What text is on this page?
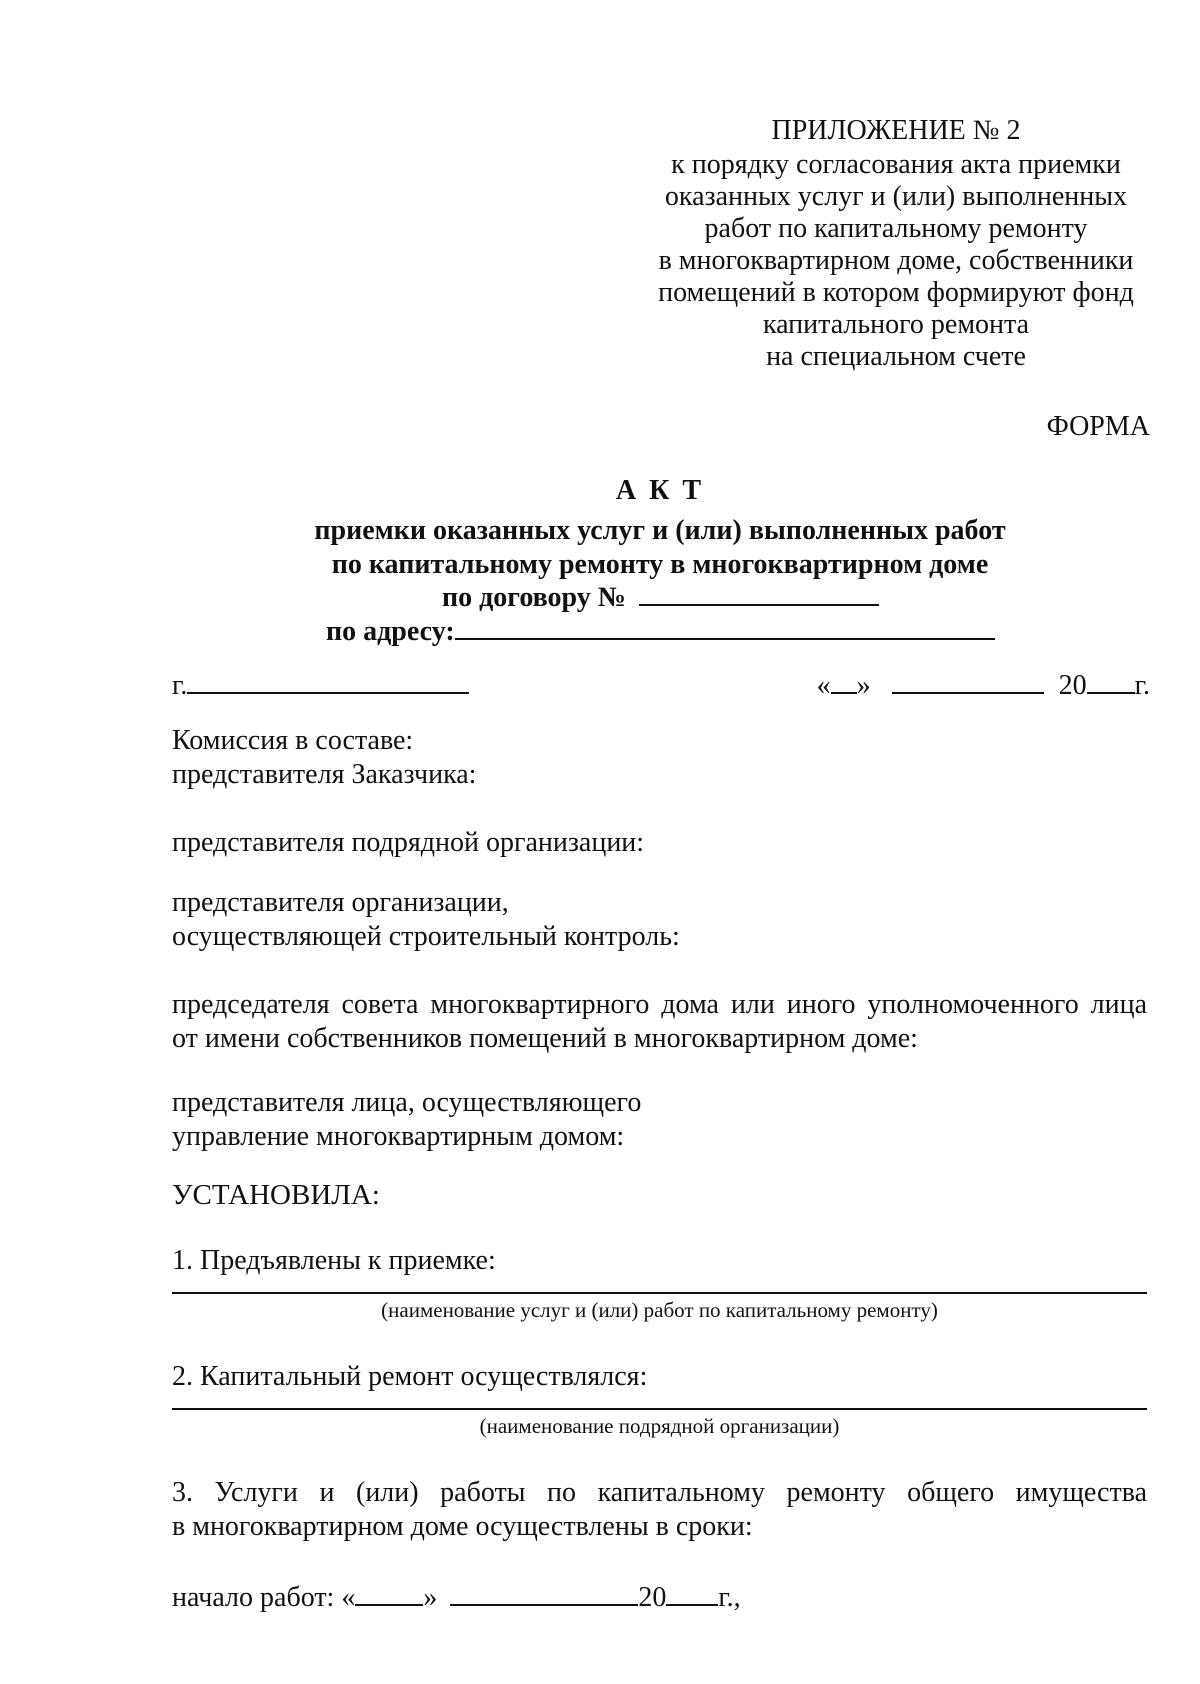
ПРИЛОЖЕНИЕ № 2
к порядку согласования акта приемки
оказанных услуг и (или) выполненных
работ по капитальному ремонту
в многоквартирном доме, собственники
помещений в котором формируют фонд
капитального ремонта
на специальном счете
ФОРМА
А К Т
приемки оказанных услуг и (или) выполненных работ
по капитальному ремонту в многоквартирном доме
по договору №
по адресу:
г.	« »	20 г.
Комиссия в составе:
представителя Заказчика:
представителя подрядной организации:
представителя организации,
осуществляющей строительный контроль:
председателя совета многоквартирного дома или иного уполномоченного лица
от имени собственников помещений в многоквартирном доме:
представителя лица, осуществляющего
управление многоквартирным домом:
УСТАНОВИЛА:
1. Предъявлены к приемке:
(наименование услуг и (или) работ по капитальному ремонту)
2. Капитальный ремонт осуществлялся:
(наименование подрядной организации)
3. Услуги и (или) работы по капитальному ремонту общего имущества
в многоквартирном доме осуществлены в сроки:
начало работ: « »	20 г.,
